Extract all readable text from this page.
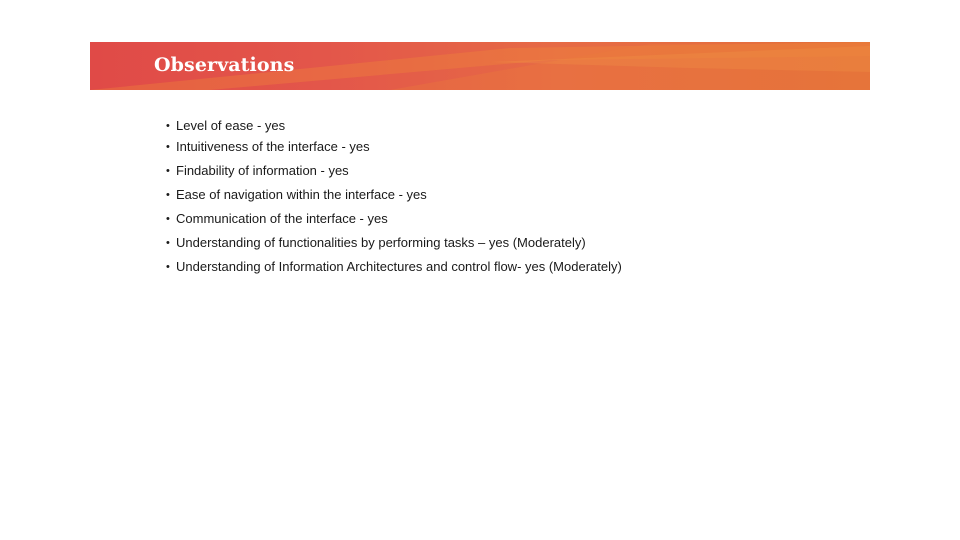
Observations
• Level of ease - yes
• Intuitiveness of the interface - yes
• Findability of information - yes
• Ease of navigation within the interface - yes
• Communication of the interface - yes
• Understanding of functionalities by performing tasks – yes (Moderately)
• Understanding of Information Architectures and control flow- yes (Moderately)
